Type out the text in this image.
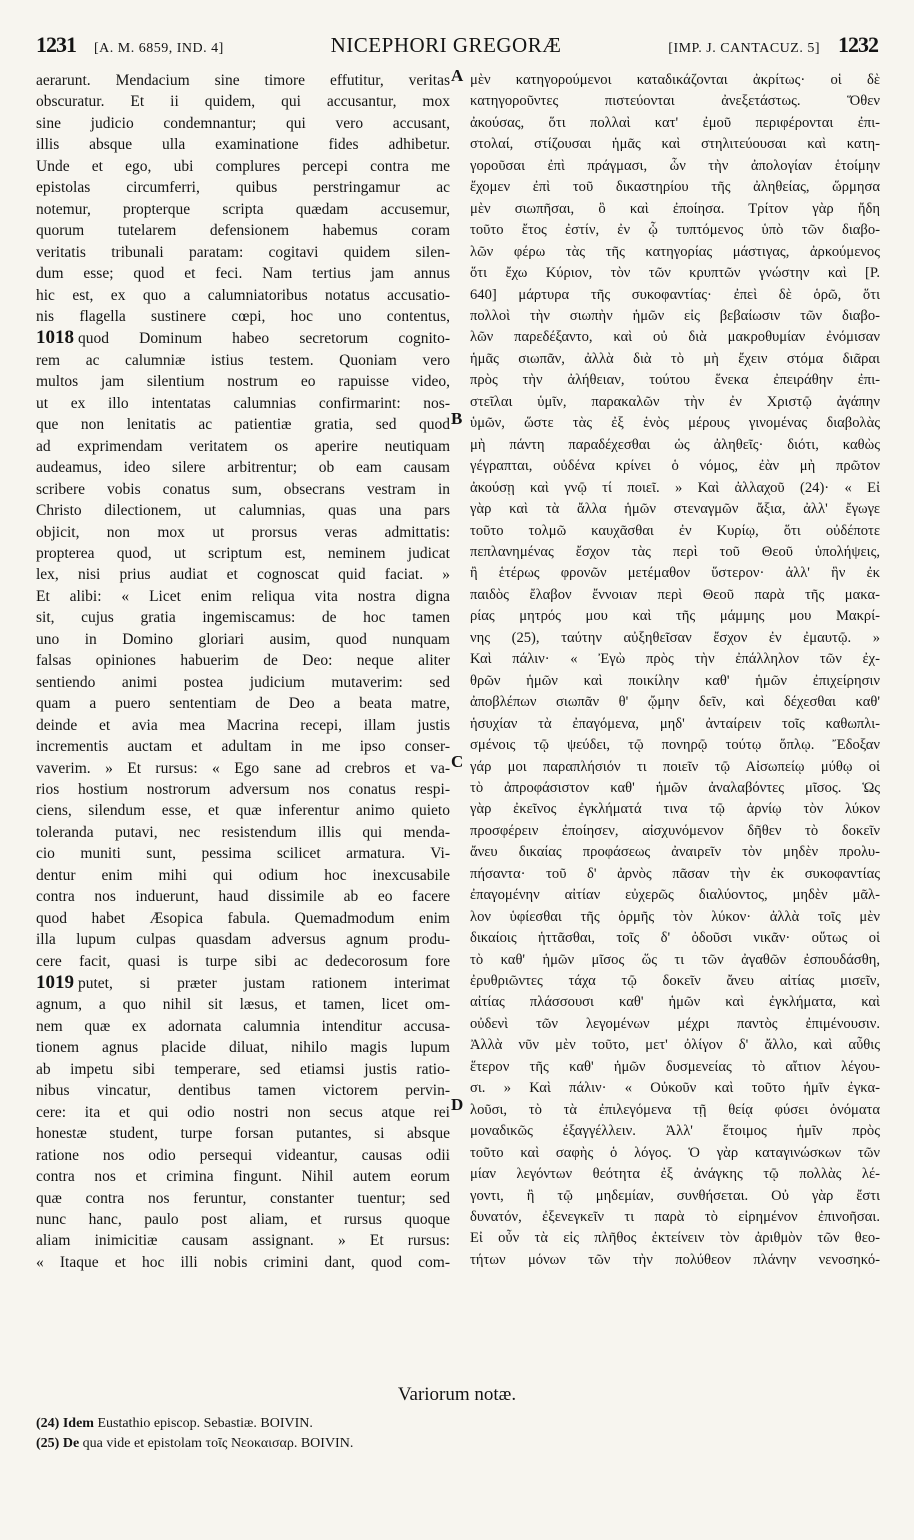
1231 [A. M. 6859, IND. 4]	NICEPHORI GREGORÆ	[IMP. J. CANTACUZ. 5] 1232
aerarunt. Mendacium sine timore effutitur, veritas
obscuratur. Et ii quidem, qui accusantur, mox
sine judicio condemnantur; qui vero accusant,
illis absque ulla examinatione fides adhibetur.
Unde et ego, ubi complures percepi contra me
epistolas circumferri, quibus perstringamur ac
notemur, propterque scripta quædam accusemur,
quorum tutelarem defensionem habemus coram
veritatis tribunali paratam: cogitavi quidem silen-
dum esse; quod et feci. Nam tertius jam annus
hic est, ex quo a calumniatoribus notatus accusatio-
nis flagella sustinere cœpi, hoc uno contentus,
1018 quod Dominum habeo secretorum cognito-
rem ac calumniæ istius testem. Quoniam vero
multos jam silentium nostrum eo rapuisse video,
ut ex illo intentatas calumnias confirmarint: nos-
que non lenitatis ac patientiæ gratia, sed quod
ad exprimendam veritatem os aperire neutiquam
audeamus, ideo silere arbitrentur; ob eam causam
scribere vobis conatus sum, obsecrans vestram in
Christo dilectionem, ut calumnias, quas una pars
objicit, non mox ut prorsus veras admittatis:
propterea quod, ut scriptum est, neminem judicat
lex, nisi prius audiat et cognoscat quid faciat. »
Et alibi: « Licet enim reliqua vita nostra digna
sit, cujus gratia ingemiscamus: de hoc tamen
uno in Domino gloriari ausim, quod nunquam
falsas opiniones habuerim de Deo: neque aliter
sentiendo animi postea judicium mutaverim: sed
quam a puero sententiam de Deo a beata matre,
deinde et avia mea Macrina recepi, illam justis
incrementis auctam et adultam in me ipso conser-
vaverim. » Et rursus: « Ego sane ad crebros et va-
rios hostium nostrorum adversum nos conatus respi-
ciens, silendum esse, et quæ inferentur animo quieto
toleranda putavi, nec resistendum illis qui menda-
cio muniti sunt, pessima scilicet armatura. Vi-
dentur enim mihi qui odium hoc inexcusabile
contra nos induerunt, haud dissimile ab eo facere
quod habet Æsopica fabula. Quemadmodum enim
illa lupum culpas quasdam adversus agnum produ-
cere facit, quasi is turpe sibi ac dedecorosum fore
1019 putet, si præter justam rationem interimat
agnum, a quo nihil sit læsus, et tamen, licet om-
nem quæ ex adornata calumnia intenditur accusa-
tionem agnus placide diluat, nihilo magis lupum
ab impetu sibi temperare, sed etiamsi justis ratio-
nibus vincatur, dentibus tamen victorem pervin-
cere: ita et qui odio nostri non secus atque rei
honestæ student, turpe forsan putantes, si absque
ratione nos odio persequi videantur, causas odii
contra nos et crimina fingunt. Nihil autem eorum
quæ contra nos feruntur, constanter tuentur; sed
nunc hanc, paulo post aliam, et rursus quoque
aliam inimicitiæ causam assignant. » Et rursus:
« Itaque et hoc illi nobis crimini dant, quod com-
μὲν κατηγορούμενοι καταδικάζονται ἀκρίτως· οἱ δὲ
κατηγοροῦντες πιστεύονται ἀνεξετάστως. Ὅθεν
ἀκούσας, ὅτι πολλαὶ κατ' ἐμοῦ περιφέρονται ἐπι-
στολαί, στίζουσαι ἡμᾶς καὶ στηλιτεύουσαι καὶ κατη-
γοροῦσαι ἐπὶ πράγμασι, ὧν τὴν ἀπολογίαν ἑτοίμην
ἔχομεν ἐπὶ τοῦ δικαστηρίου τῆς ἀληθείας, ὥρμησα
μὲν σιωπῆσαι, ὃ καὶ ἐποίησα. Τρίτον γὰρ ἤδη
τοῦτο ἔτος ἐστίν, ἐν ᾧ τυπτόμενος ὑπὸ τῶν διαβο-
λῶν φέρω τὰς τῆς κατηγορίας μάστιγας, ἀρκούμενος
ὅτι ἔχω Κύριον, τὸν τῶν κρυπτῶν γνώστην καὶ [P.
640] μάρτυρα τῆς συκοφαντίας· ἐπεὶ δὲ ὁρῶ, ὅτι
πολλοὶ τὴν σιωπὴν ἡμῶν εἰς βεβαίωσιν τῶν διαβο-
λῶν παρεδέξαντο, καὶ οὐ διὰ μακροθυμίαν ἐνόμισαν
ἡμᾶς σιωπᾶν, ἀλλὰ διὰ τὸ μὴ ἔχειν στόμα διᾶραι
πρὸς τὴν ἀλήθειαν, τούτου ἕνεκα ἐπειράθην ἐπι-
στεῖλαι ὑμῖν, παρακαλῶν τὴν ἐν Χριστῷ ἀγάπην
ὑμῶν, ὥστε τὰς ἐξ ἑνὸς μέρους γινομένας διαβολὰς
μὴ πάντη παραδέχεσθαι ὡς ἀληθεῖς· διότι, καθὼς
γέγραπται, οὐδένα κρίνει ὁ νόμος, ἐὰν μὴ πρῶτον
ἀκούσῃ καὶ γνῷ τί ποιεῖ. » Καὶ ἀλλαχοῦ (24)· « Εἰ
γὰρ καὶ τὰ ἄλλα ἡμῶν στεναγμῶν ἄξια, ἀλλ' ἔγωγε
τοῦτο τολμῶ καυχᾶσθαι ἐν Κυρίῳ, ὅτι οὐδέποτε
πεπλανημένας ἔσχον τὰς περὶ τοῦ Θεοῦ ὑπολήψεις,
ἢ ἑτέρως φρονῶν μετέμαθον ὕστερον· ἀλλ' ἣν ἐκ
παιδὸς ἔλαβον ἔννοιαν περὶ Θεοῦ παρὰ τῆς μακα-
ρίας μητρός μου καὶ τῆς μάμμης μου Μακρί-
νης (25), ταύτην αὐξηθεῖσαν ἔσχον ἐν ἐμαυτῷ. »
Καὶ πάλιν· « Ἐγὼ πρὸς τὴν ἐπάλληλον τῶν ἐχ-
θρῶν ἡμῶν καὶ ποικίλην καθ' ἡμῶν ἐπιχείρησιν
ἀποβλέπων σιωπᾶν θ' ᾤμην δεῖν, καὶ δέχεσθαι καθ'
ἡσυχίαν τὰ ἐπαγόμενα, μηδ' ἀνταίρειν τοῖς καθωπλι-
σμένοις τῷ ψεύδει, τῷ πονηρῷ τούτῳ ὅπλῳ. Ἔδοξαν
γάρ μοι παραπλήσιόν τι ποιεῖν τῷ Αἰσωπείῳ μύθῳ οἱ
τὸ ἀπροφάσιστον καθ' ἡμῶν ἀναλαβόντες μῖσος. Ὡς
γὰρ ἐκεῖνος ἐγκλήματά τινα τῷ ἀρνίῳ τὸν λύκον
προσφέρειν ἐποίησεν, αἰσχυνόμενον δῆθεν τὸ δοκεῖν
ἄνευ δικαίας προφάσεως ἀναιρεῖν τὸν μηδὲν προλυ-
πήσαντα· τοῦ δ' ἀρνὸς πᾶσαν τὴν ἐκ συκοφαντίας
ἐπαγομένην αἰτίαν εὐχερῶς διαλύοντος, μηδὲν μᾶλ-
λον ὑφίεσθαι τῆς ὁρμῆς τὸν λύκον· ἀλλὰ τοῖς μὲν
δικαίοις ἡττᾶσθαι, τοῖς δ' ὀδοῦσι νικᾶν· οὕτως οἱ
τὸ καθ' ἡμῶν μῖσος ὥς τι τῶν ἀγαθῶν ἐσπουδάσθη,
ἐρυθριῶντες τάχα τῷ δοκεῖν ἄνευ αἰτίας μισεῖν,
αἰτίας πλάσσουσι καθ' ἡμῶν καὶ ἐγκλήματα, καὶ
οὐδενὶ τῶν λεγομένων μέχρι παντὸς ἐπιμένουσιν.
Ἀλλὰ νῦν μὲν τοῦτο, μετ' ὀλίγον δ' ἄλλο, καὶ αὖθις
ἕτερον τῆς καθ' ἡμῶν δυσμενείας τὸ αἴτιον λέγου-
σι. » Καὶ πάλιν· « Οὐκοῦν καὶ τοῦτο ἡμῖν ἐγκα-
λοῦσι, τὸ τὰ ἐπιλεγόμενα τῇ θείᾳ φύσει ὀνόματα
μοναδικῶς ἐξαγγέλλειν. Ἀλλ' ἕτοιμος ἡμῖν πρὸς
τοῦτο καὶ σαφὴς ὁ λόγος. Ὁ γὰρ καταγινώσκων τῶν
μίαν λεγόντων θεότητα ἐξ ἀνάγκης τῷ πολλὰς λέ-
γοντι, ἢ τῷ μηδεμίαν, συνθήσεται. Οὐ γὰρ ἔστι
δυνατόν, ἐξενεγκεῖν τι παρὰ τὸ εἰρημένον ἐπινοῆσαι.
Εἰ οὖν τὰ εἰς πλῆθος ἐκτείνειν τὸν ἀριθμὸν τῶν θεο-
τήτων μόνων τῶν τὴν πολύθεον πλάνην νενοσηκό-
A
B
C
D
Variorum notæ.
(24) Idem Eustathio episcop. Sebastiæ. BOIVIN.
(25) De qua vide et epistolam τοῖς Νεοκαισαρ. BOIVIN.
